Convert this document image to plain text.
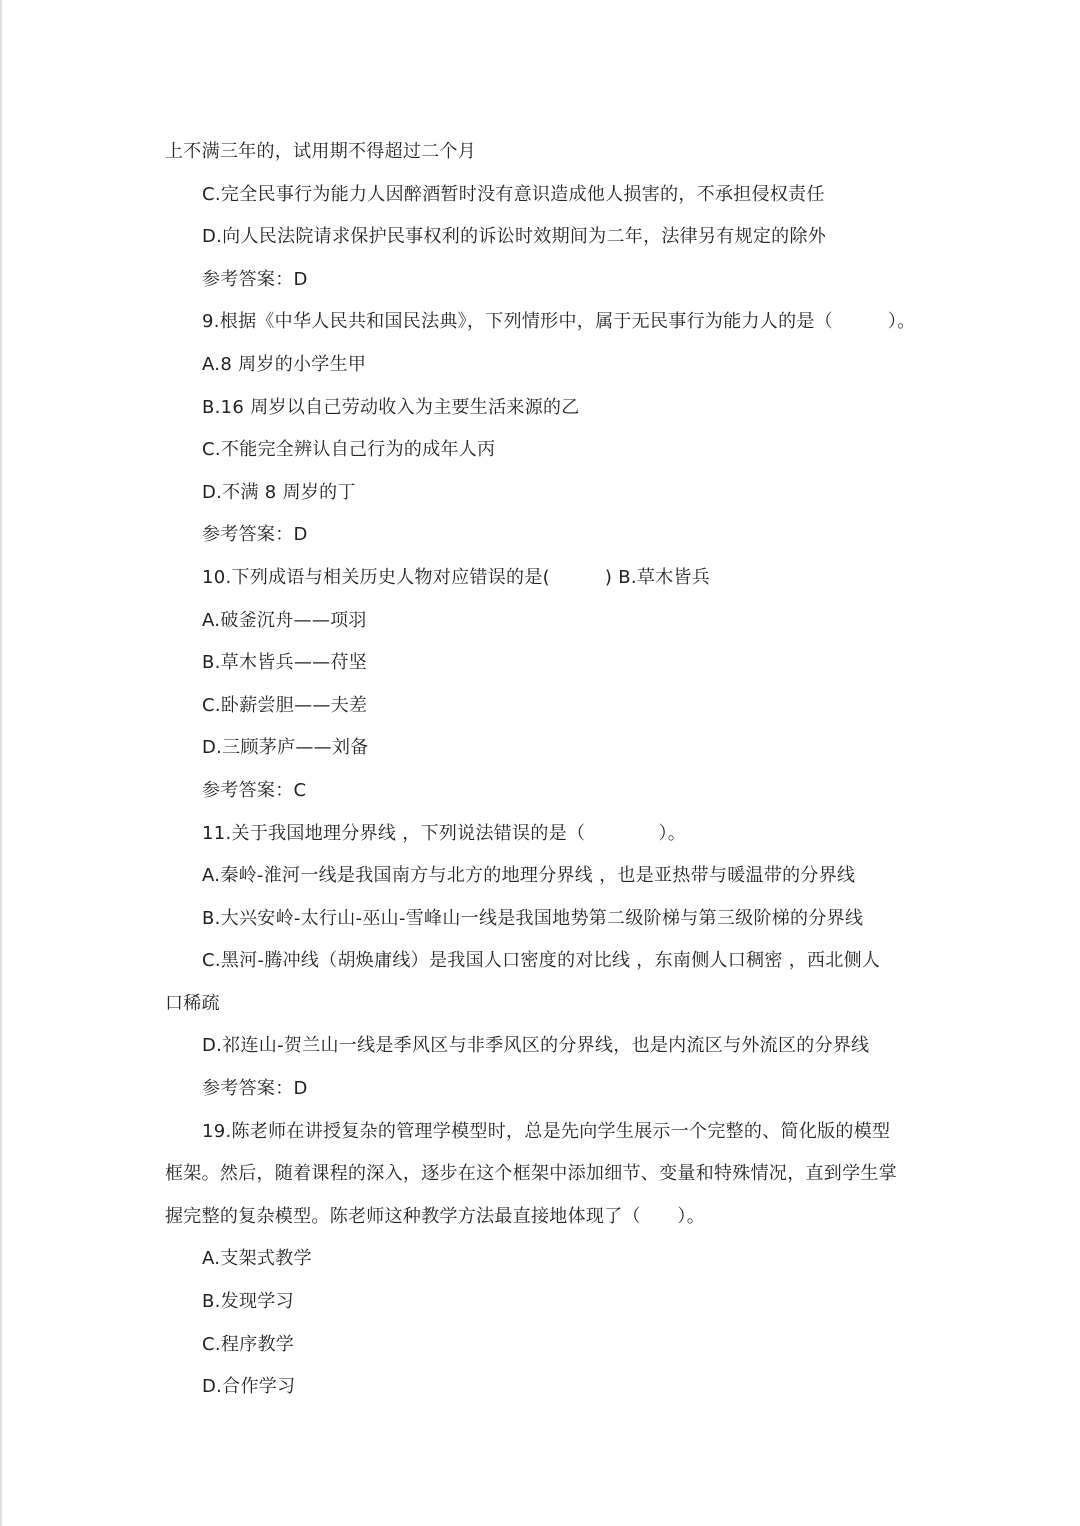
上不满三年的，试用期不得超过二个月
C.完全民事行为能力人因醉酒暂时没有意识造成他人损害的，不承担侵权责任
D.向人民法院请求保护民事权利的诉讼时效期间为二年，法律另有规定的除外
参考答案：D
9.根据《中华人民共和国民法典》，下列情形中，属于无民事行为能力人的是（　　　）。
A.8 周岁的小学生甲
B.16 周岁以自己劳动收入为主要生活来源的乙
C.不能完全辨认自己行为的成年人丙
D.不满 8 周岁的丁
参考答案：D
10.下列成语与相关历史人物对应错误的是(　　　) B.草木皆兵
A.破釜沉舟——项羽
B.草木皆兵——苻坚
C.卧薪尝胆——夫差
D.三顾茅庐——刘备
参考答案：C
11.关于我国地理分界线 ，下列说法错误的是（　　　　）。
A.秦岭-淮河一线是我国南方与北方的地理分界线 ，也是亚热带与暖温带的分界线
B.大兴安岭-太行山-巫山-雪峰山一线是我国地势第二级阶梯与第三级阶梯的分界线
C.黑河-腾冲线（胡焕庸线）是我国人口密度的对比线 ，东南侧人口稠密 ，西北侧人
口稀疏
D.祁连山-贺兰山一线是季风区与非季风区的分界线，也是内流区与外流区的分界线
参考答案：D
19.陈老师在讲授复杂的管理学模型时，总是先向学生展示一个完整的、简化版的模型
框架。然后，随着课程的深入，逐步在这个框架中添加细节、变量和特殊情况，直到学生掌
握完整的复杂模型。陈老师这种教学方法最直接地体现了（　　）。
A.支架式教学
B.发现学习
C.程序教学
D.合作学习
